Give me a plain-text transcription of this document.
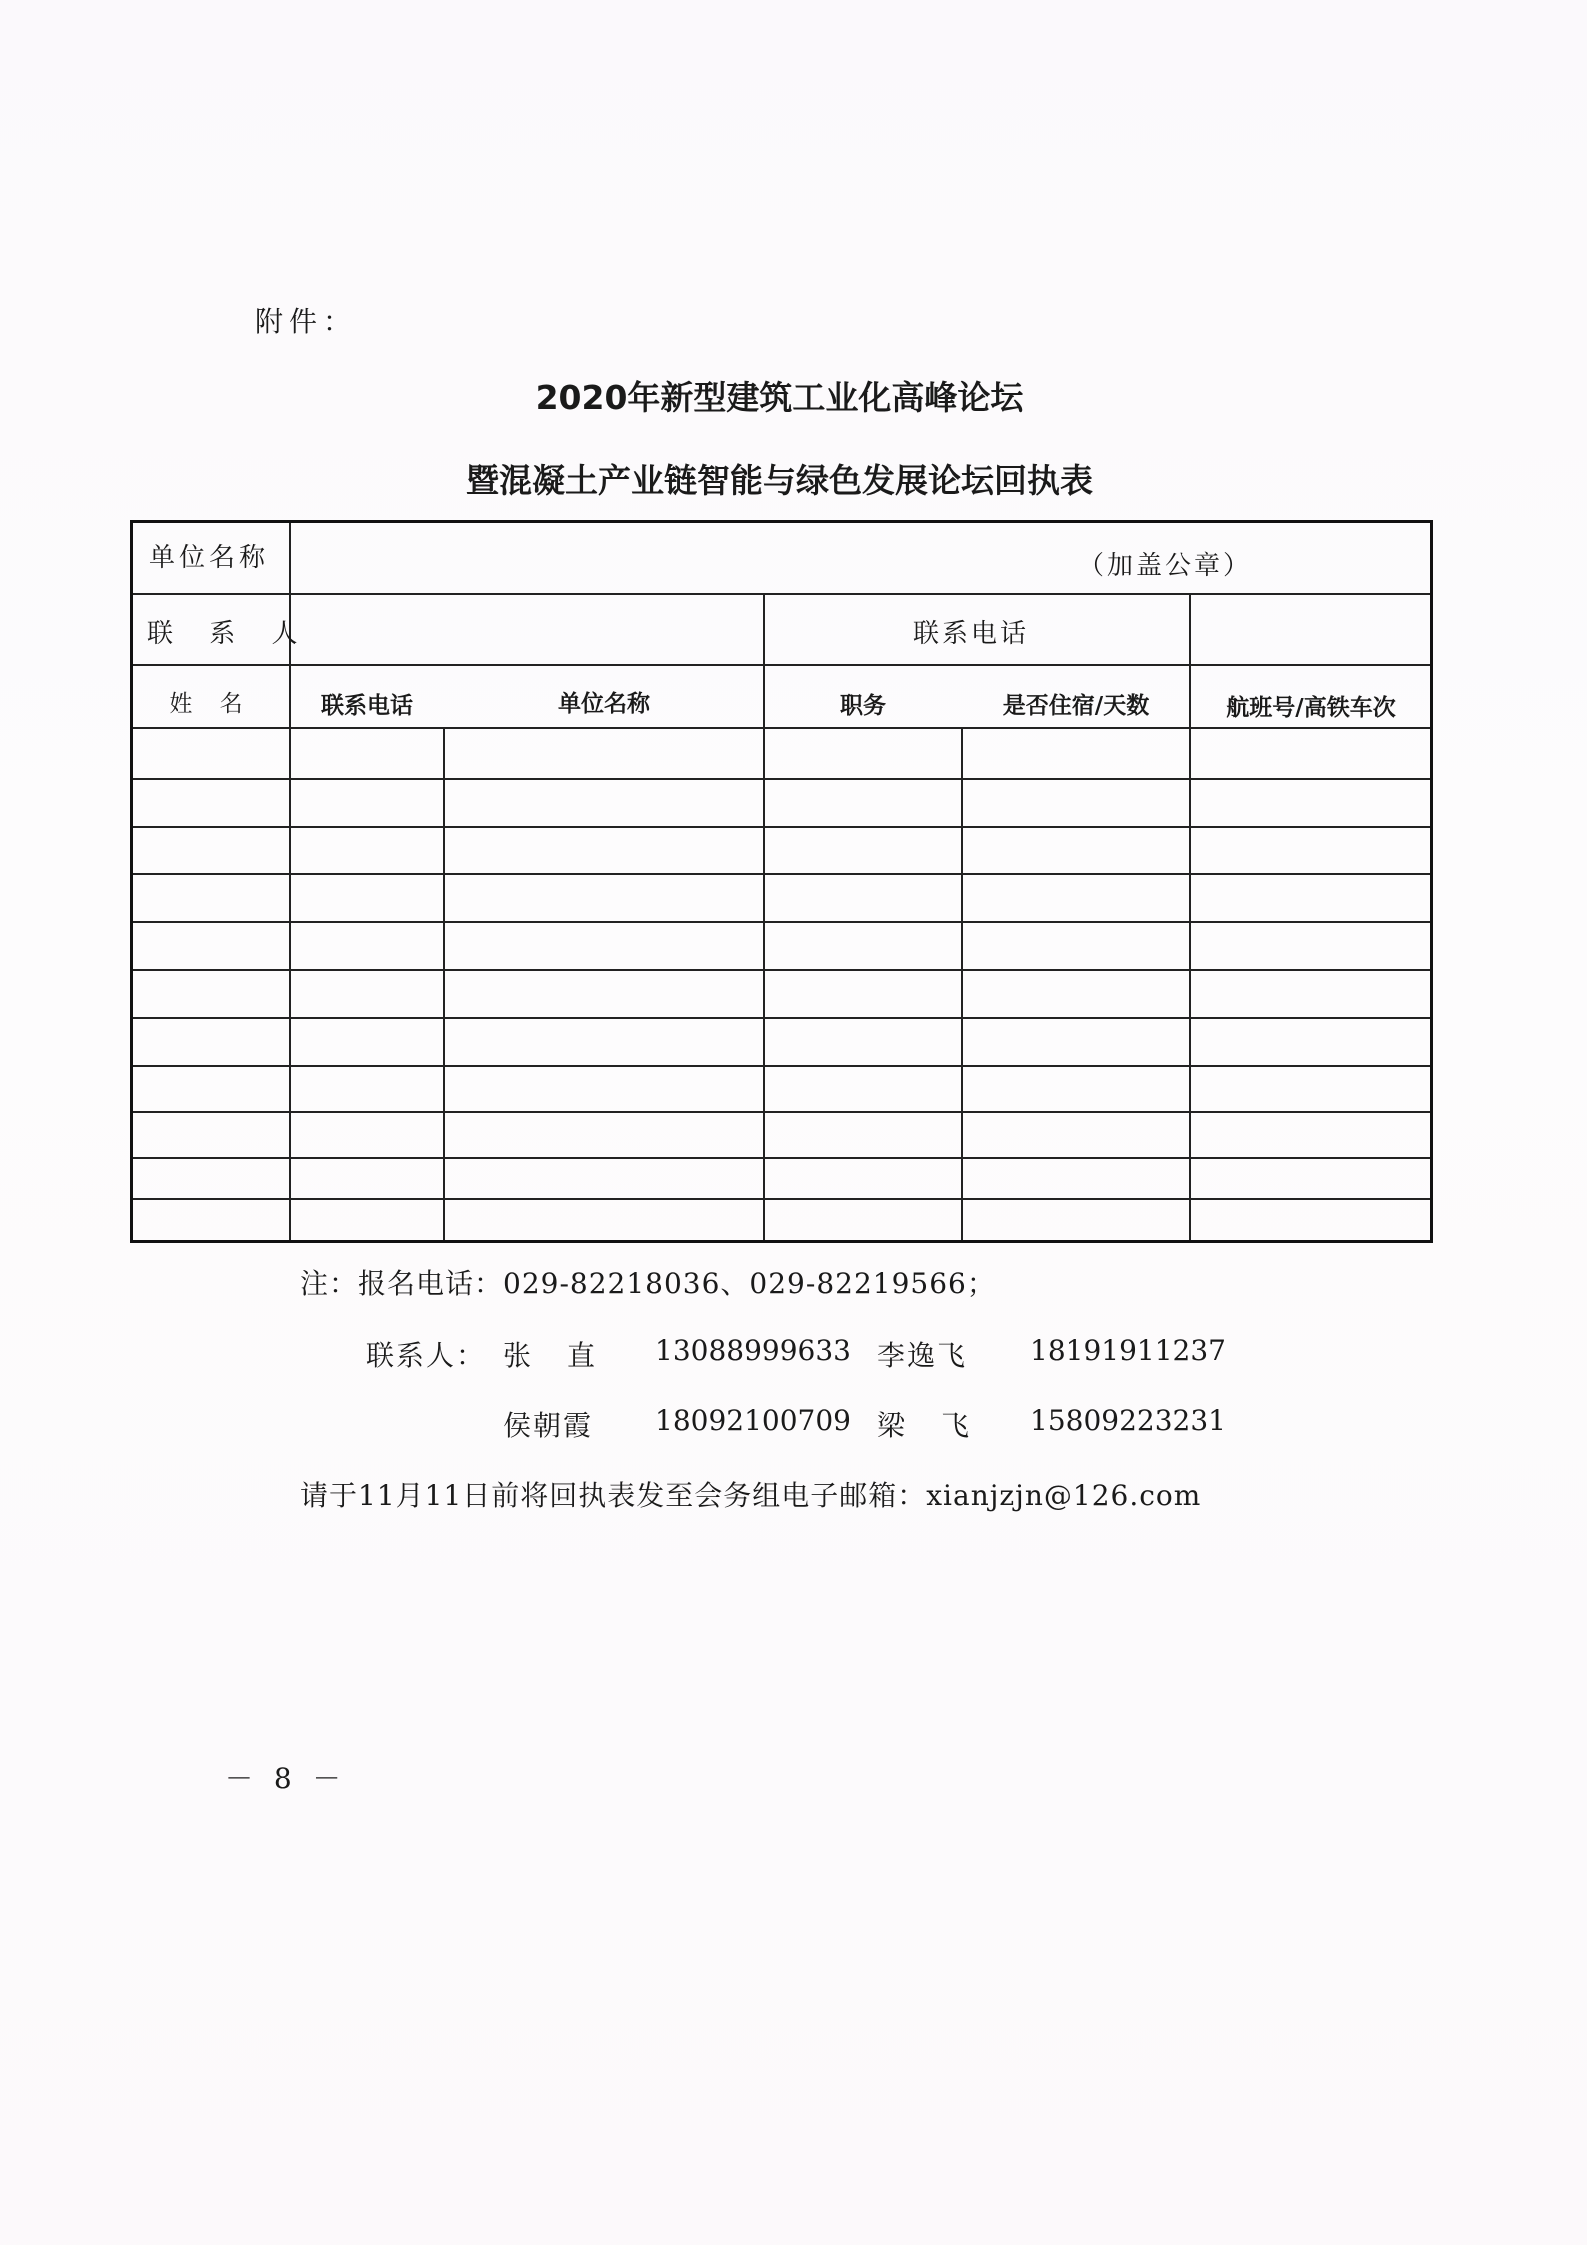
附件：
2020年新型建筑工业化高峰论坛
暨混凝土产业链智能与绿色发展论坛回执表
单位名称	（加盖公章）
联 系 人	联系电话
姓 名	联系电话	单位名称	职务	是否住宿/天数	航班号/高铁车次
注：报名电话：029-82218036、029-82219566；
联系人： 张　直 13088999633 李逸飞 18191911237
侯朝霞 18092100709 梁　飞 15809223231
请于11月11日前将回执表发至会务组电子邮箱：xianjzjn@126.com
－ 8 －
